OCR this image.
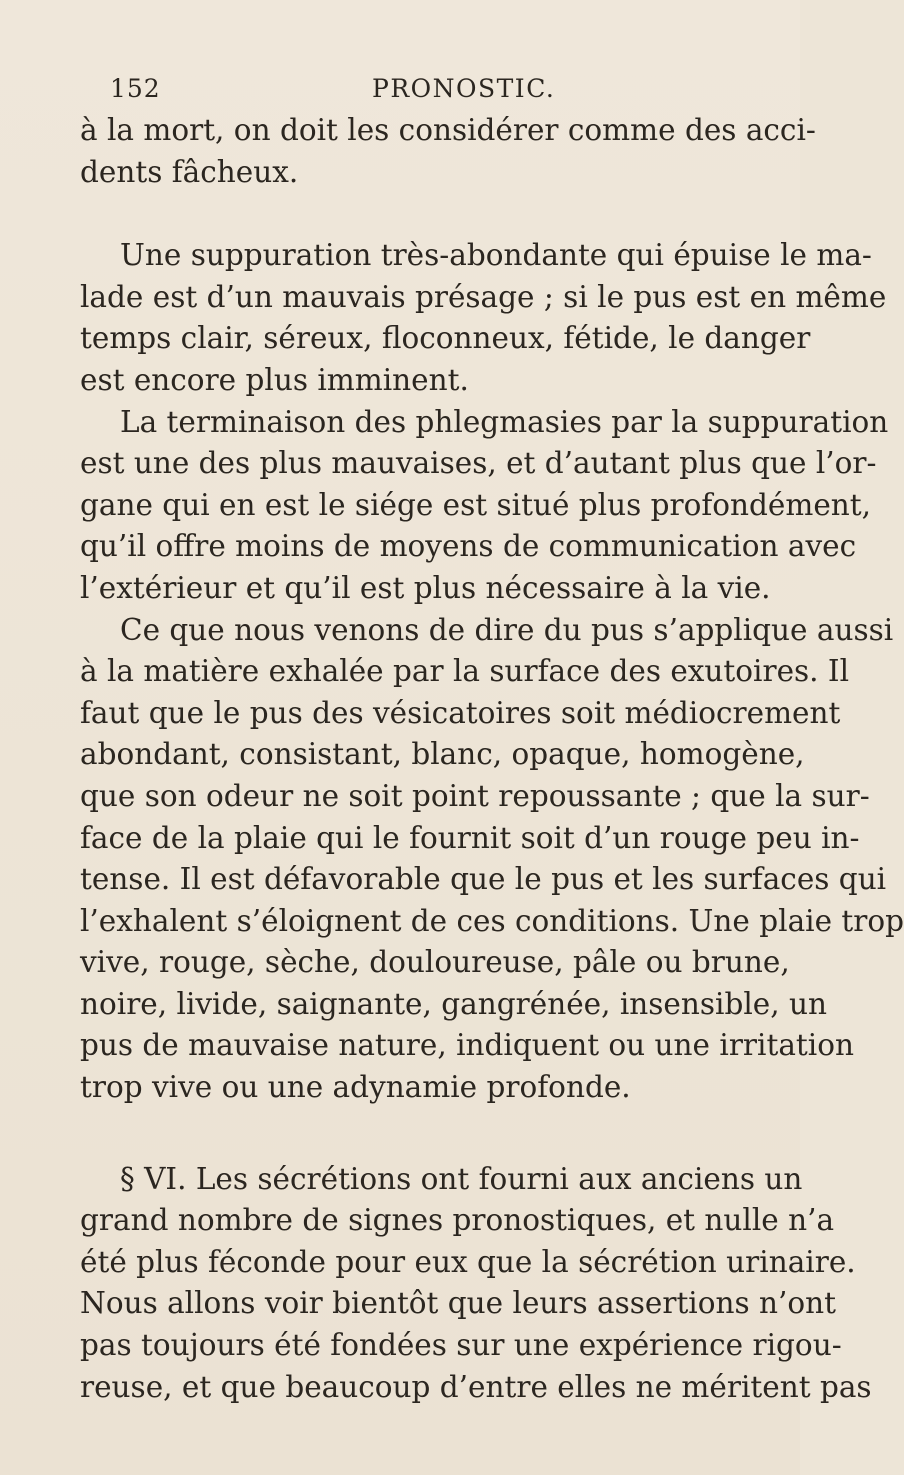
152	PRONOSTIC.

à la mort, on doit les considérer comme des acci-
dents fâcheux.

Une suppuration très-abondante qui épuise le ma-
lade est d’un mauvais présage ; si le pus est en même
temps clair, séreux, floconneux, fétide, le danger
est encore plus imminent.

La terminaison des phlegmasies par la suppuration
est une des plus mauvaises, et d’autant plus que l’or-
gane qui en est le siége est situé plus profondément,
qu’il offre moins de moyens de communication avec
l’extérieur et qu’il est plus nécessaire à la vie.

Ce que nous venons de dire du pus s’applique aussi
à la matière exhalée par la surface des exutoires. Il
faut que le pus des vésicatoires soit médiocrement
abondant, consistant, blanc, opaque, homogène,
que son odeur ne soit point repoussante ; que la sur-
face de la plaie qui le fournit soit d’un rouge peu in-
tense. Il est défavorable que le pus et les surfaces qui
l’exhalent s’éloignent de ces conditions. Une plaie trop
vive, rouge, sèche, douloureuse, pâle ou brune,
noire, livide, saignante, gangrénée, insensible, un
pus de mauvaise nature, indiquent ou une irritation
trop vive ou une adynamie profonde.

§ VI. Les sécrétions ont fourni aux anciens un
grand nombre de signes pronostiques, et nulle n’a
été plus féconde pour eux que la sécrétion urinaire.
Nous allons voir bientôt que leurs assertions n’ont
pas toujours été fondées sur une expérience rigou-
reuse, et que beaucoup d’entre elles ne méritent pas
